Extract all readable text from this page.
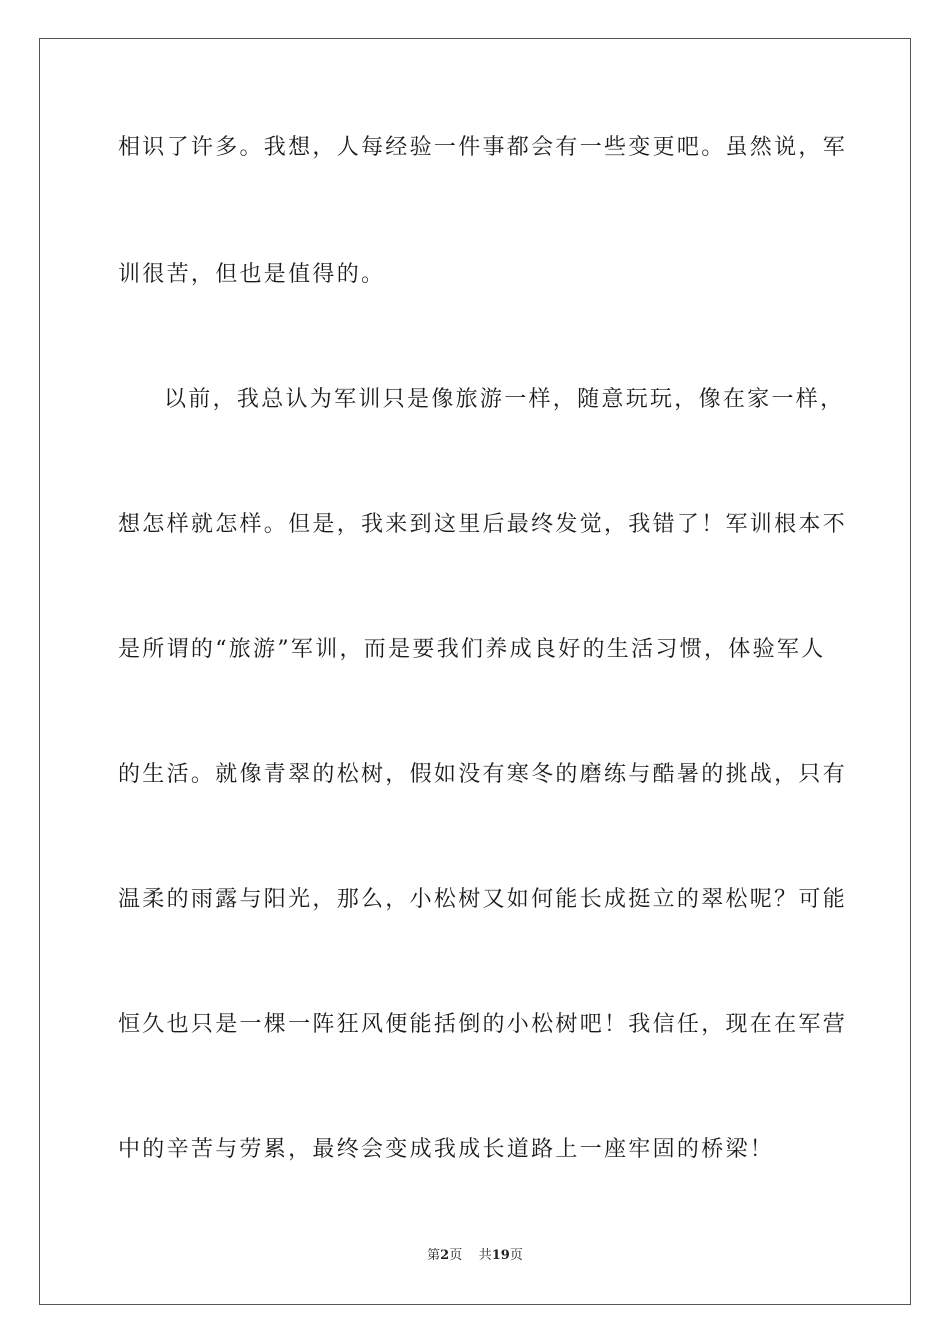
相识了许多。我想，人每经验一件事都会有一些变更吧。虽然说，军
训很苦，但也是值得的。
以前，我总认为军训只是像旅游一样，随意玩玩，像在家一样，
想怎样就怎样。但是，我来到这里后最终发觉，我错了！军训根本不
是所谓的“旅游”军训，而是要我们养成良好的生活习惯，体验军人
的生活。就像青翠的松树，假如没有寒冬的磨练与酷暑的挑战，只有
温柔的雨露与阳光，那么，小松树又如何能长成挺立的翠松呢？可能
恒久也只是一棵一阵狂风便能括倒的小松树吧！我信任，现在在军营
中的辛苦与劳累，最终会变成我成长道路上一座牢固的桥梁！
第2页 共19页
